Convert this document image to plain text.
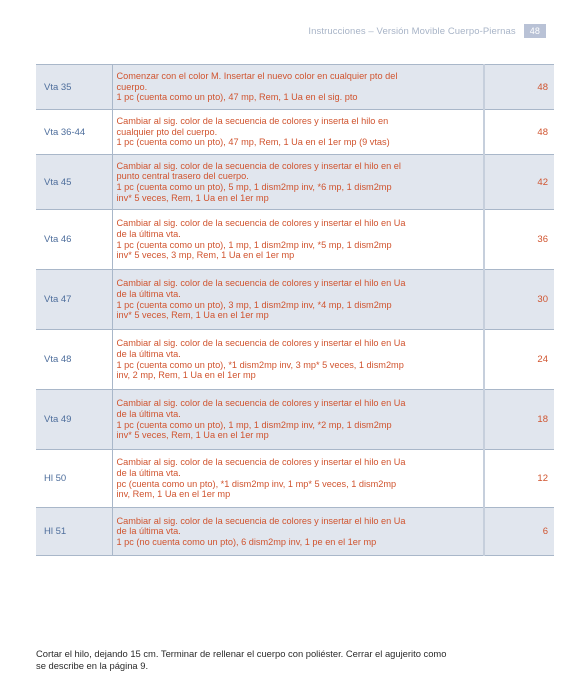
Instrucciones – Versión Movible Cuerpo-Piernas	48
Vta 35	Comenzar con el color M. Insertar el nuevo color en cualquier pto del
cuerpo.
1 pc (cuenta como un pto), 47 mp, Rem, 1 Ua en el sig. pto	48
Vta 36-44	Cambiar al sig. color de la secuencia de colores y inserta el hilo en
cualquier pto del cuerpo.
1 pc (cuenta como un pto), 47 mp, Rem, 1 Ua en el 1er mp (9 vtas)	48
Vta 45	Cambiar al sig. color de la secuencia de colores y insertar el hilo en el
punto central trasero del cuerpo.
1 pc (cuenta como un pto), 5 mp, 1 dism2mp inv, *6 mp, 1 dism2mp
inv* 5 veces, Rem, 1 Ua en el 1er mp	42
Vta 46	Cambiar al sig. color de la secuencia de colores y insertar el hilo en Ua
de la última vta.
1 pc (cuenta como un pto), 1 mp, 1 dism2mp inv, *5 mp, 1 dism2mp
inv* 5 veces, 3 mp, Rem, 1 Ua en el 1er mp	36
Vta 47	Cambiar al sig. color de la secuencia de colores y insertar el hilo en Ua
de la última vta.
1 pc (cuenta como un pto), 3 mp, 1 dism2mp inv, *4 mp, 1 dism2mp
inv* 5 veces, Rem, 1 Ua en el 1er mp	30
Vta 48	Cambiar al sig. color de la secuencia de colores y insertar el hilo en Ua
de la última vta.
1 pc (cuenta como un pto), *1 dism2mp inv, 3 mp* 5 veces, 1 dism2mp
inv, 2 mp, Rem, 1 Ua en el 1er mp	24
Vta 49	Cambiar al sig. color de la secuencia de colores y insertar el hilo en Ua
de la última vta.
1 pc (cuenta como un pto), 1 mp, 1 dism2mp inv, *2 mp, 1 dism2mp
inv* 5 veces, Rem, 1 Ua en el 1er mp	18
Hl 50	Cambiar al sig. color de la secuencia de colores y insertar el hilo en Ua
de la última vta.
pc (cuenta como un pto), *1 dism2mp inv, 1 mp* 5 veces, 1 dism2mp
inv, Rem, 1 Ua en el 1er mp	12
Hl 51	Cambiar al sig. color de la secuencia de colores y insertar el hilo en Ua
de la última vta.
1 pc (no cuenta como un pto), 6 dism2mp inv, 1 pe en el 1er mp	6
Cortar el hilo, dejando 15 cm. Terminar de rellenar el cuerpo con poliéster. Cerrar el agujerito como
se describe en la página 9.
